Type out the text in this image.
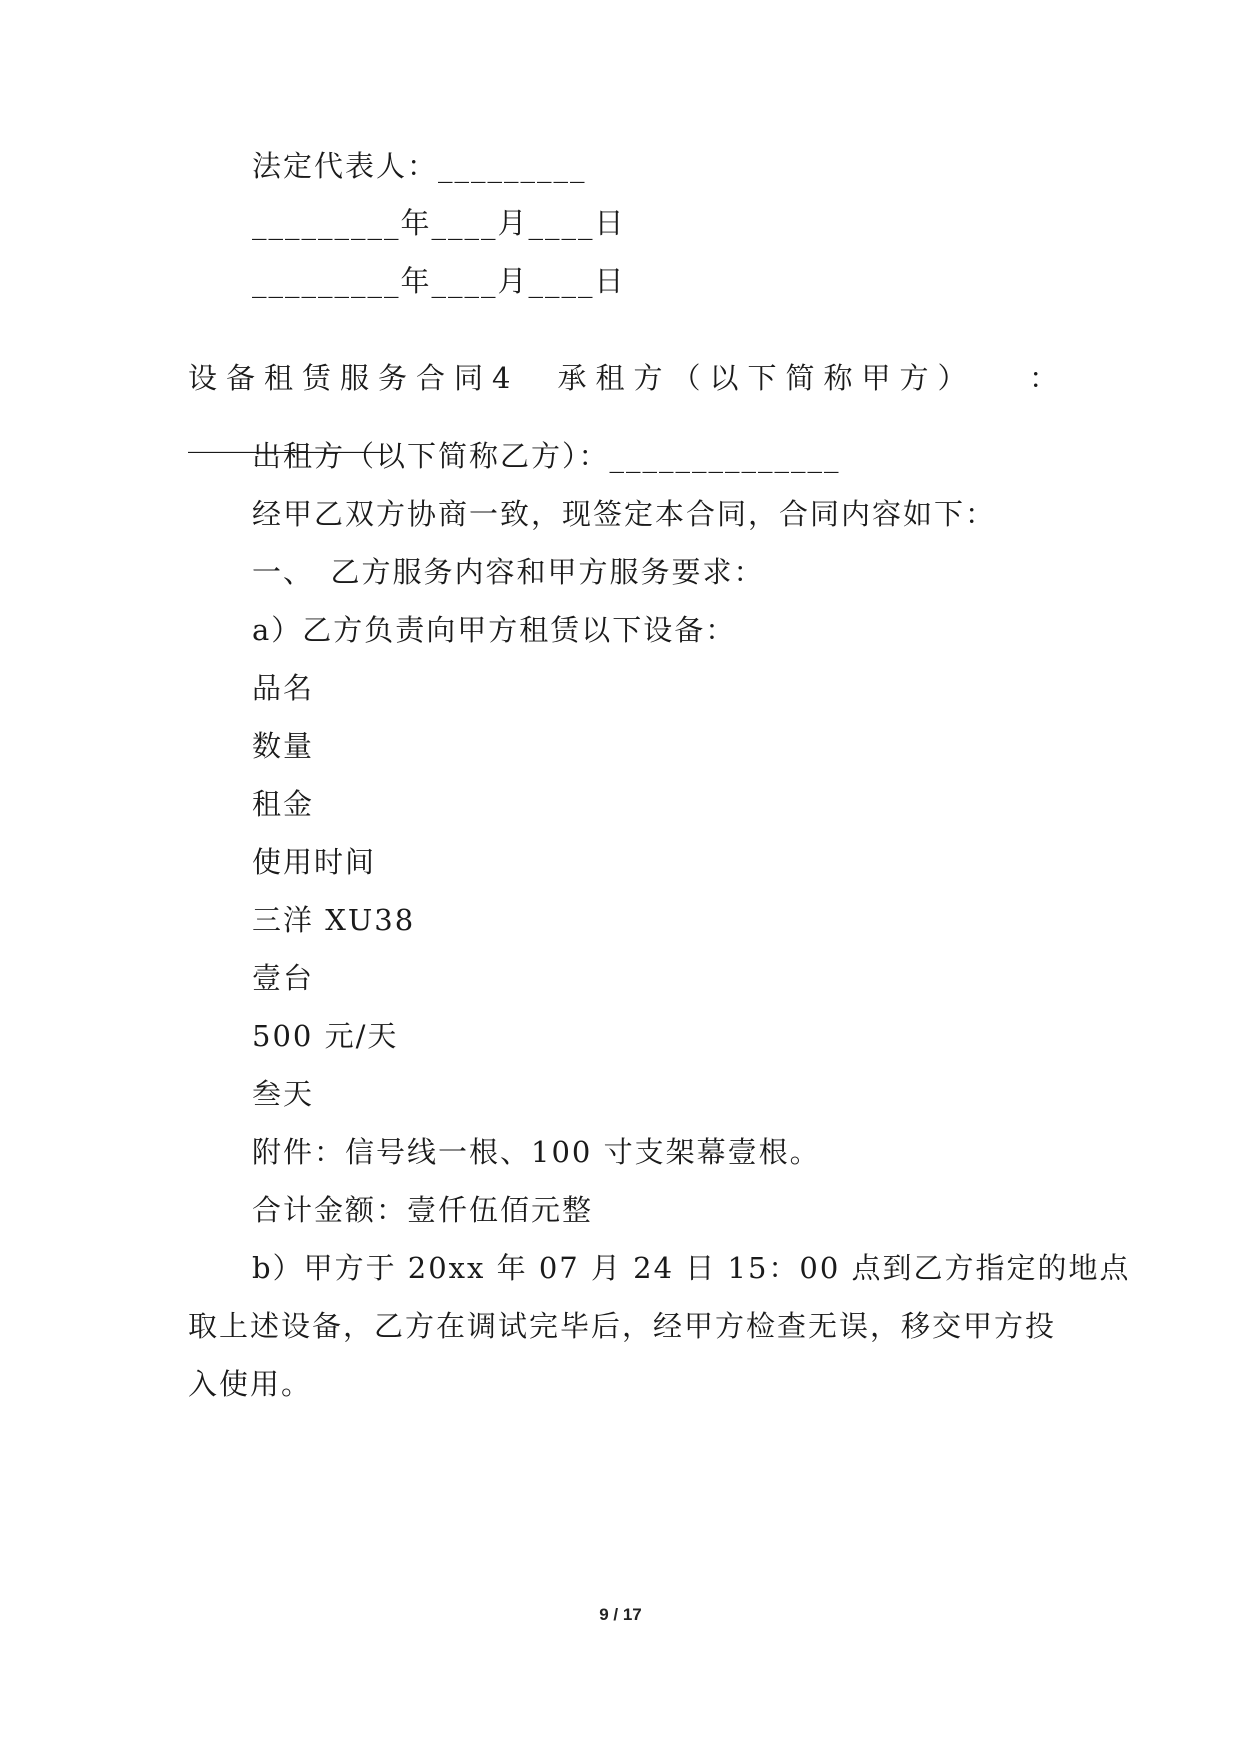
法定代表人：_________
_________年____月____日
_________年____月____日
设备租赁服务合同4　承租方（以下简称甲方） ：
______________
出租方（以下简称乙方）：______________
经甲乙双方协商一致，现签定本合同，合同内容如下：
一、　乙方服务内容和甲方服务要求：
a）乙方负责向甲方租赁以下设备：
品名
数量
租金
使用时间
三洋 XU38
壹台
500 元/天
叁天
附件：信号线一根、100 寸支架幕壹根。
合计金额：壹仟伍佰元整
b）甲方于 20xx 年 07 月 24 日 15：00 点到乙方指定的地点
取上述设备，乙方在调试完毕后，经甲方检查无误，移交甲方投
入使用。
9 / 17
